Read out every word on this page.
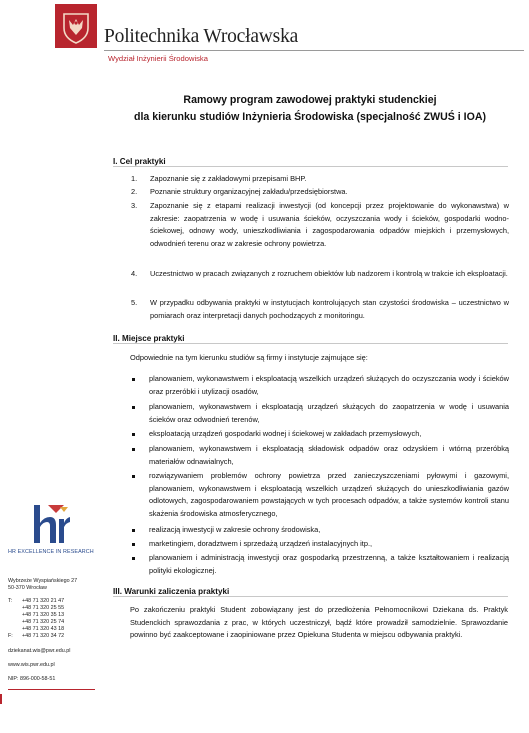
Politechnika Wrocławska
Wydział Inżynierii Środowiska
Ramowy program zawodowej praktyki studenckiej
dla kierunku studiów Inżynieria Środowiska (specjalność ZWUŚ i IOA)
I. Cel praktyki
1.	Zapoznanie się z zakładowymi przepisami BHP.
2.	Poznanie struktury organizacyjnej zakładu/przedsiębiorstwa.
3.	Zapoznanie się z etapami realizacji inwestycji (od koncepcji przez projektowanie do wykonawstwa) w zakresie: zaopatrzenia w wodę i usuwania ścieków, oczyszczania wody i ścieków, gospodarki wodno-ściekowej, odnowy wody, unieszkodliwiania i zagospodarowania odpadów miejskich i przemysłowych, odwodnień terenu oraz w zakresie ochrony powietrza.
4.	Uczestnictwo w pracach związanych z rozruchem obiektów lub nadzorem i kontrolą w trakcie ich eksploatacji.
5.	W przypadku odbywania praktyki w instytucjach kontrolujących stan czystości środowiska – uczestnictwo w pomiarach oraz interpretacji danych pochodzących z monitoringu.
II. Miejsce praktyki
Odpowiednie na tym kierunku studiów są firmy i instytucje zajmujące się:
planowaniem, wykonawstwem i eksploatacją wszelkich urządzeń służących do oczyszczania wody i ścieków oraz przeróbki i utylizacji osadów,
planowaniem, wykonawstwem i eksploatacją urządzeń służących do zaopatrzenia w wodę i usuwania ścieków oraz odwodnień terenów,
eksploatacją urządzeń gospodarki wodnej i ściekowej w zakładach przemysłowych,
planowaniem, wykonawstwem i eksploatacją składowisk odpadów oraz odzyskiem i wtórną przeróbką materiałów odnawialnych,
rozwiązywaniem problemów ochrony powietrza przed zanieczyszczeniami pyłowymi i gazowymi, planowaniem, wykonawstwem i eksploatacją wszelkich urządzeń służących do unieszkodliwiania gazów odlotowych, zagospodarowaniem powstających w tych procesach odpadów, a także systemów kontroli stanu skażenia środowiska atmosferycznego,
realizacją inwestycji w zakresie ochrony środowiska,
marketingiem, doradztwem i sprzedażą urządzeń instalacyjnych itp.,
planowaniem i administracją inwestycji oraz gospodarką przestrzenną, a także kształtowaniem i realizacją polityki ekologicznej.
III. Warunki zaliczenia praktyki
Po zakończeniu praktyki Student zobowiązany jest do przedłożenia Pełnomocnikowi Dziekana ds. Praktyk Studenckich sprawozdania z prac, w których uczestniczył, bądź które prowadził samodzielnie. Sprawozdanie powinno być zaakceptowane i zaopiniowane przez Opiekuna Studenta w miejscu odbywania praktyki.
HR EXCELLENCE IN RESEARCH
Wybrzeże Wyspiańskiego 27
50-370 Wrocław
T: +48 71 320 21 47
+48 71 320 25 55
+48 71 320 35 13
+48 71 320 25 74
+48 71 320 43 18
F: +48 71 320 34 72
dziekanat.wis@pwr.edu.pl
www.wis.pwr.edu.pl
NIP: 896-000-58-51
